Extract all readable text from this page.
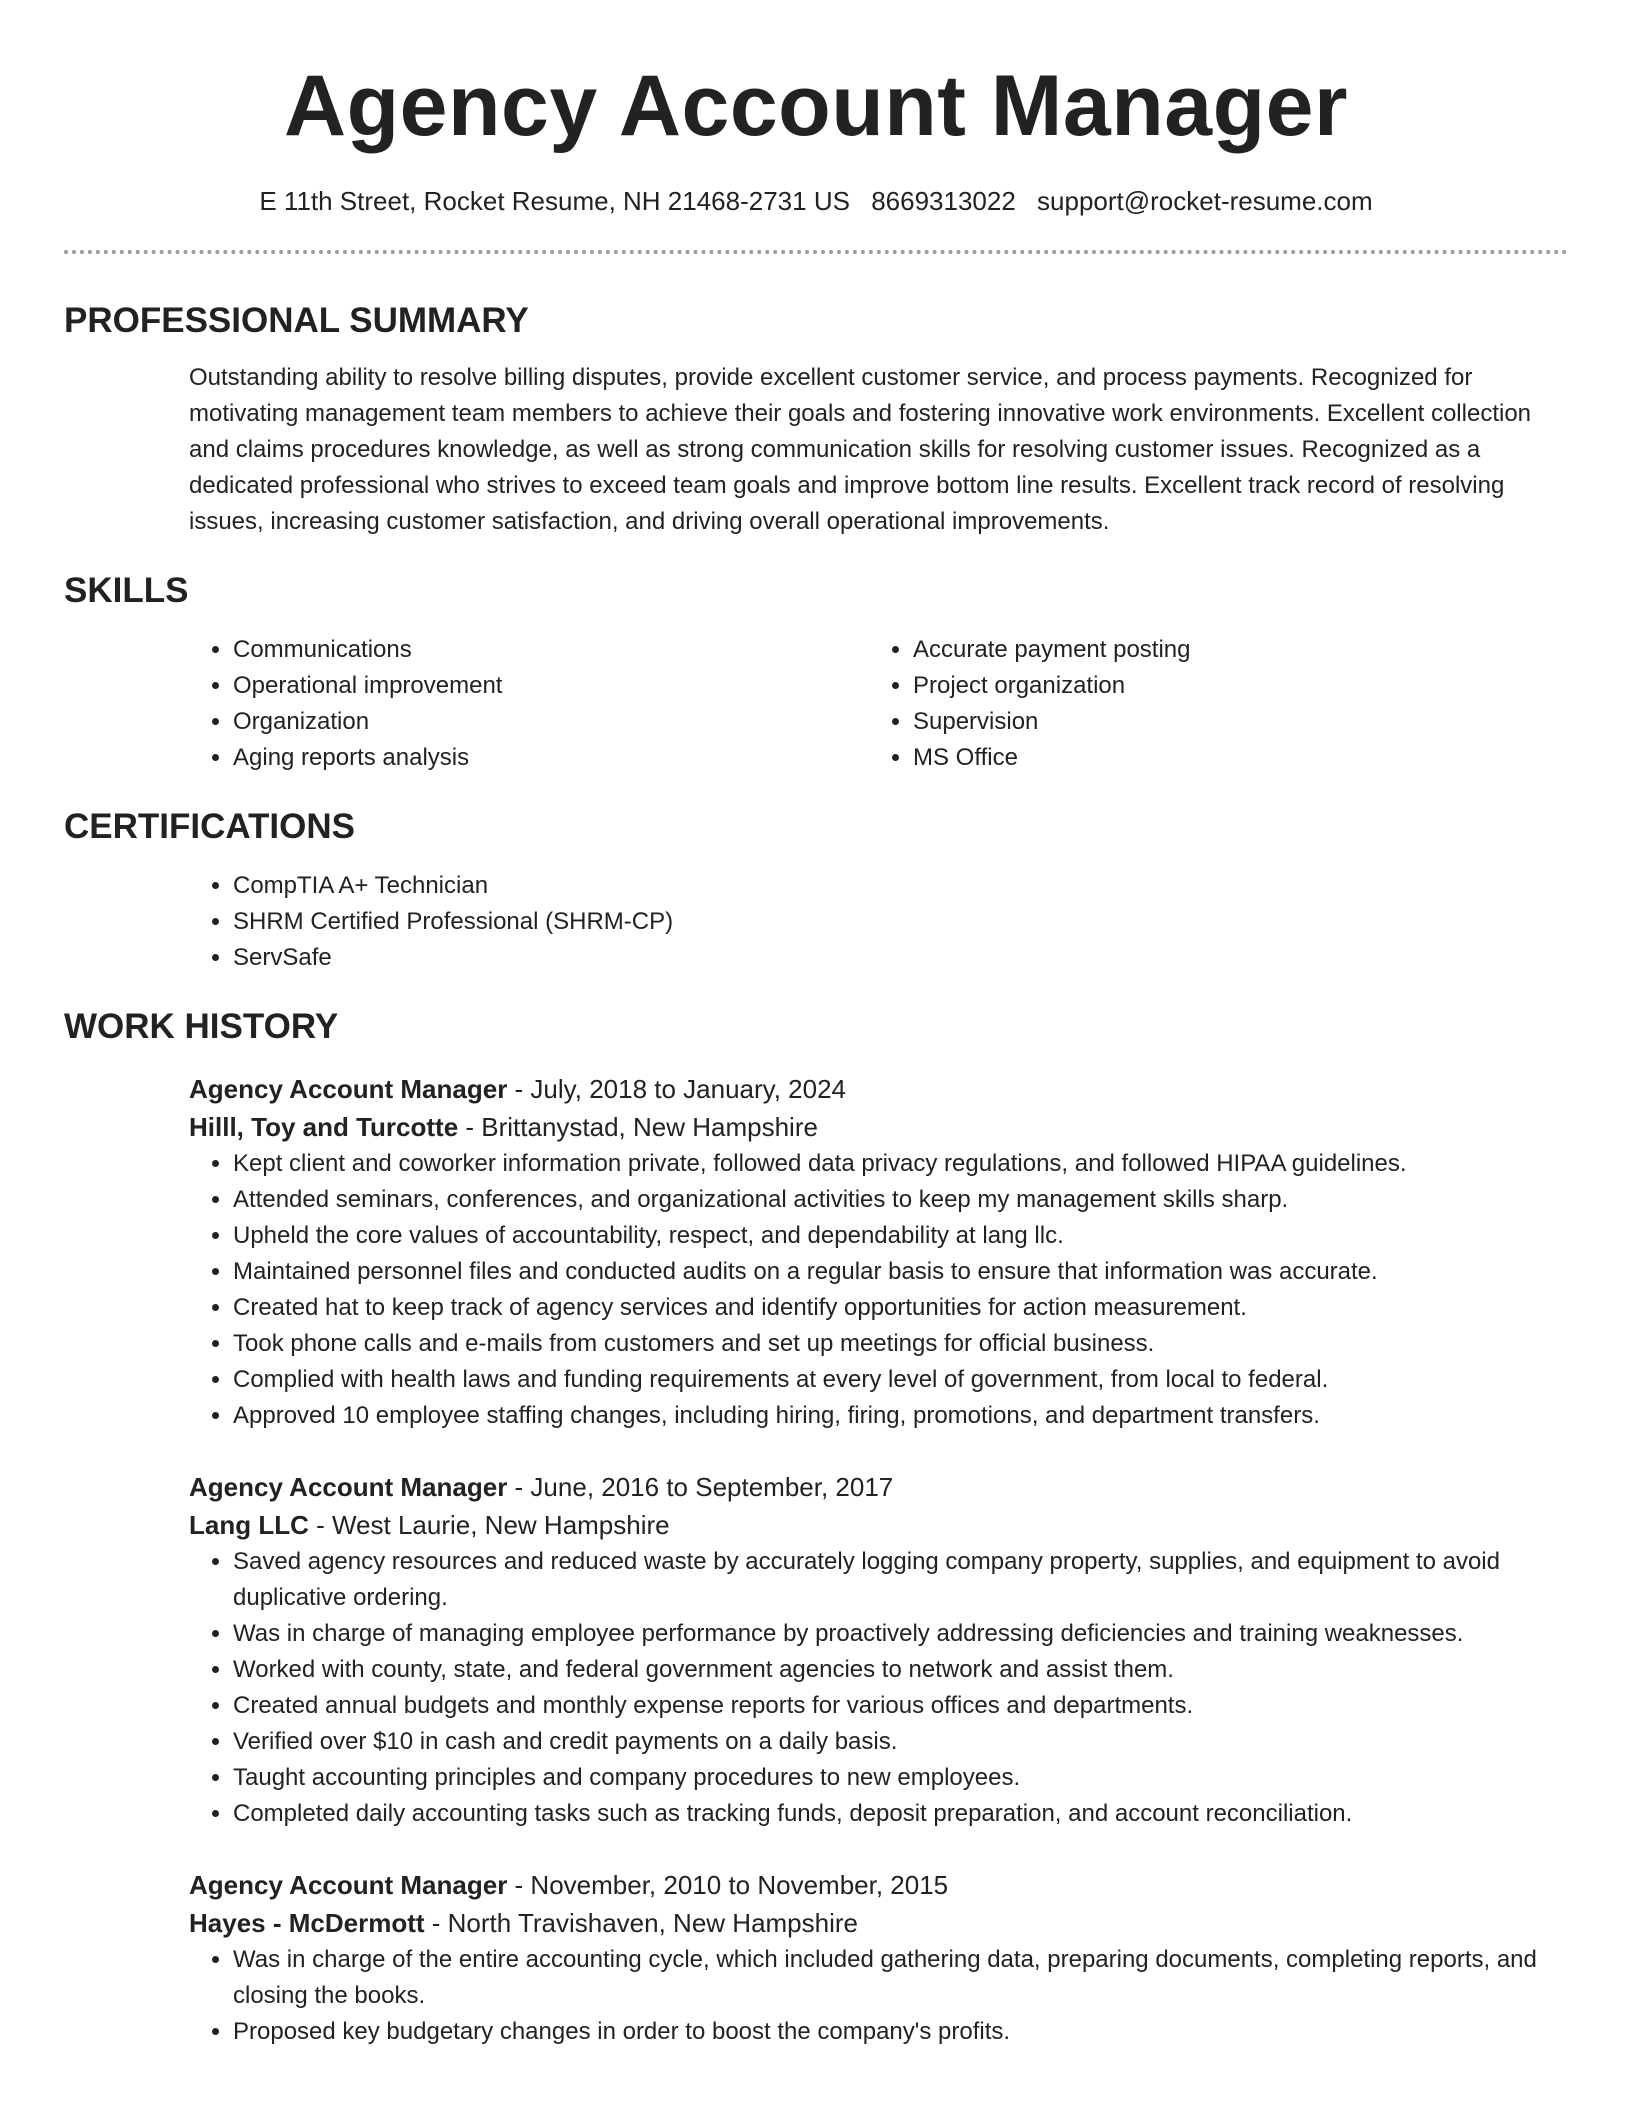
Agency Account Manager
E 11th Street, Rocket Resume, NH 21468-2731 US 8669313022 support@rocket-resume.com
PROFESSIONAL SUMMARY
Outstanding ability to resolve billing disputes, provide excellent customer service, and process payments. Recognized for motivating management team members to achieve their goals and fostering innovative work environments. Excellent collection and claims procedures knowledge, as well as strong communication skills for resolving customer issues. Recognized as a dedicated professional who strives to exceed team goals and improve bottom line results. Excellent track record of resolving issues, increasing customer satisfaction, and driving overall operational improvements.
SKILLS
• Communications
• Operational improvement
• Organization
• Aging reports analysis
• Accurate payment posting
• Project organization
• Supervision
• MS Office
CERTIFICATIONS
• CompTIA A+ Technician
• SHRM Certified Professional (SHRM-CP)
• ServSafe
WORK HISTORY
Agency Account Manager - July, 2018 to January, 2024
Hilll, Toy and Turcotte - Brittanystad, New Hampshire
• Kept client and coworker information private, followed data privacy regulations, and followed HIPAA guidelines.
• Attended seminars, conferences, and organizational activities to keep my management skills sharp.
• Upheld the core values of accountability, respect, and dependability at lang llc.
• Maintained personnel files and conducted audits on a regular basis to ensure that information was accurate.
• Created hat to keep track of agency services and identify opportunities for action measurement.
• Took phone calls and e-mails from customers and set up meetings for official business.
• Complied with health laws and funding requirements at every level of government, from local to federal.
• Approved 10 employee staffing changes, including hiring, firing, promotions, and department transfers.
Agency Account Manager - June, 2016 to September, 2017
Lang LLC - West Laurie, New Hampshire
• Saved agency resources and reduced waste by accurately logging company property, supplies, and equipment to avoid duplicative ordering.
• Was in charge of managing employee performance by proactively addressing deficiencies and training weaknesses.
• Worked with county, state, and federal government agencies to network and assist them.
• Created annual budgets and monthly expense reports for various offices and departments.
• Verified over $10 in cash and credit payments on a daily basis.
• Taught accounting principles and company procedures to new employees.
• Completed daily accounting tasks such as tracking funds, deposit preparation, and account reconciliation.
Agency Account Manager - November, 2010 to November, 2015
Hayes - McDermott - North Travishaven, New Hampshire
• Was in charge of the entire accounting cycle, which included gathering data, preparing documents, completing reports, and closing the books.
• Proposed key budgetary changes in order to boost the company's profits.
